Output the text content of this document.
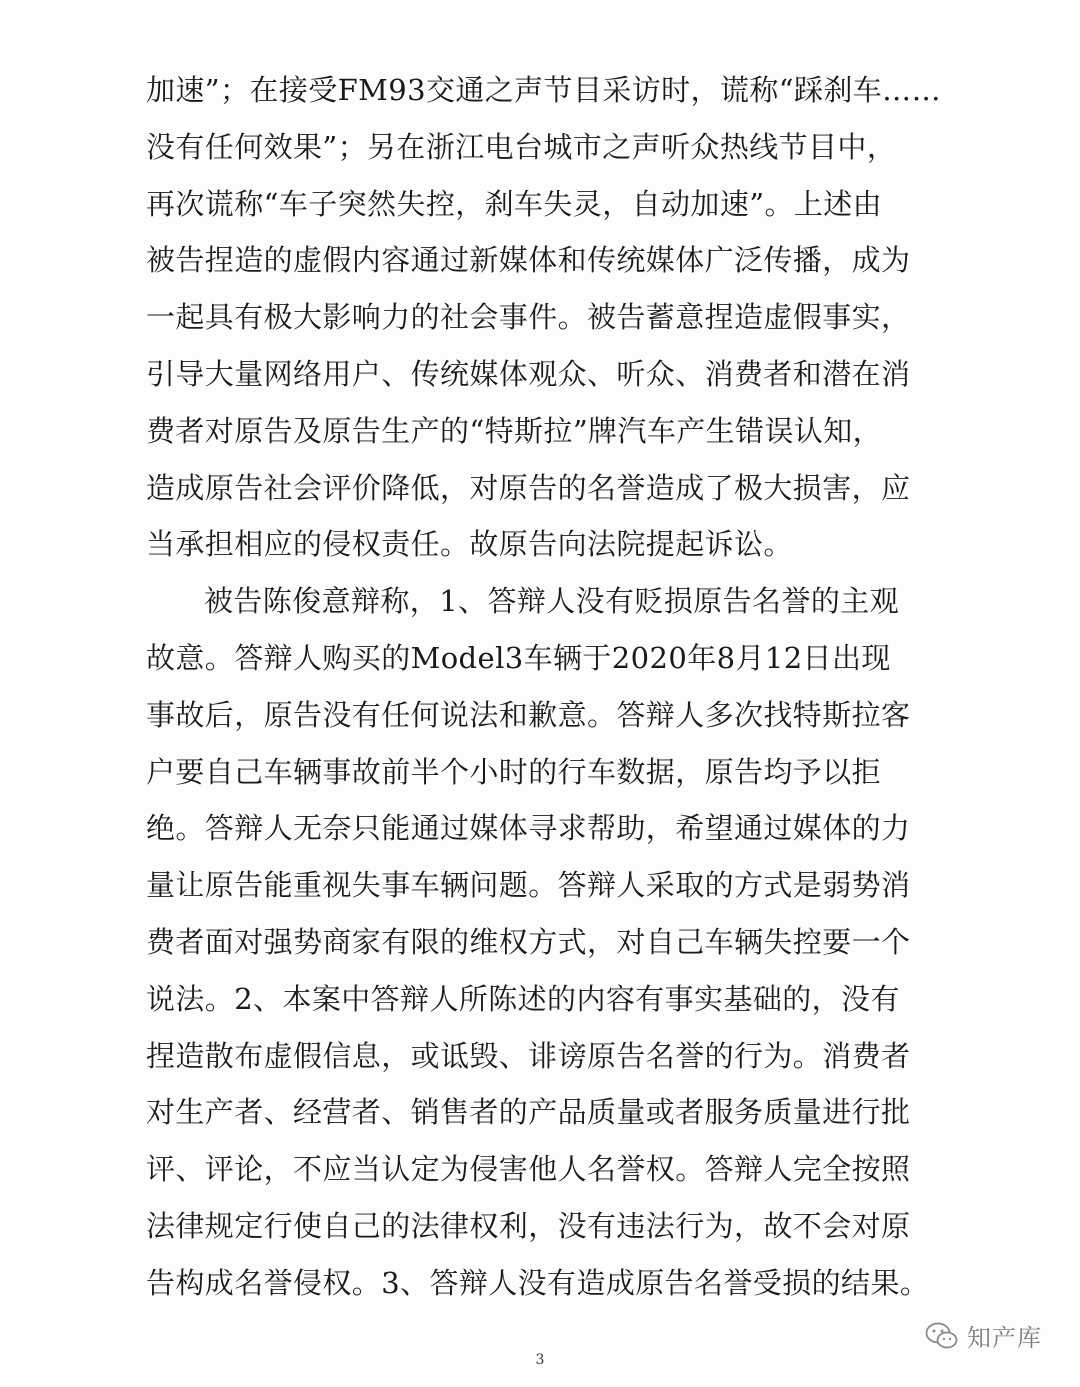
加速”；在接受FM93交通之声节目采访时，谎称“踩刹车……
没有任何效果”；另在浙江电台城市之声听众热线节目中，
再次谎称“车子突然失控，刹车失灵，自动加速”。上述由
被告捏造的虚假内容通过新媒体和传统媒体广泛传播，成为
一起具有极大影响力的社会事件。被告蓄意捏造虚假事实，
引导大量网络用户、传统媒体观众、听众、消费者和潜在消
费者对原告及原告生产的“特斯拉”牌汽车产生错误认知，
造成原告社会评价降低，对原告的名誉造成了极大损害，应
当承担相应的侵权责任。故原告向法院提起诉讼。
被告陈俊意辩称，1、答辩人没有贬损原告名誉的主观
故意。答辩人购买的Model3车辆于2020年8月12日出现
事故后，原告没有任何说法和歉意。答辩人多次找特斯拉客
户要自己车辆事故前半个小时的行车数据，原告均予以拒
绝。答辩人无奈只能通过媒体寻求帮助，希望通过媒体的力
量让原告能重视失事车辆问题。答辩人采取的方式是弱势消
费者面对强势商家有限的维权方式，对自己车辆失控要一个
说法。2、本案中答辩人所陈述的内容有事实基础的，没有
捏造散布虚假信息，或诋毁、诽谤原告名誉的行为。消费者
对生产者、经营者、销售者的产品质量或者服务质量进行批
评、评论，不应当认定为侵害他人名誉权。答辩人完全按照
法律规定行使自己的法律权利，没有违法行为，故不会对原
告构成名誉侵权。3、答辩人没有造成原告名誉受损的结果。
知产库
3
